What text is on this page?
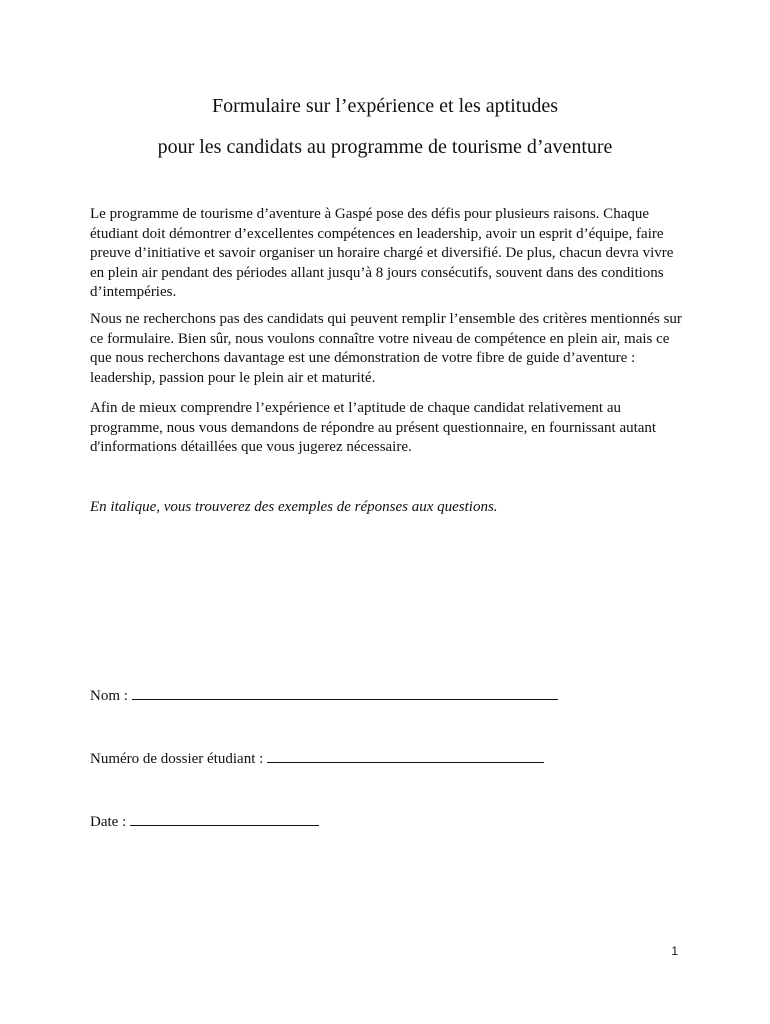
Formulaire sur l’expérience et les aptitudes
pour les candidats au programme de tourisme d’aventure

Le programme de tourisme d’aventure à Gaspé pose des défis pour plusieurs raisons. Chaque étudiant doit démontrer d’excellentes compétences en leadership, avoir un esprit d’équipe, faire preuve d’initiative et savoir organiser un horaire chargé et diversifié. De plus, chacun devra vivre en plein air pendant des périodes allant jusqu’à 8 jours consécutifs, souvent dans des conditions d’intempéries.

Nous ne recherchons pas des candidats qui peuvent remplir l’ensemble des critères mentionnés sur ce formulaire. Bien sûr, nous voulons connaître votre niveau de compétence en plein air, mais ce que nous recherchons davantage est une démonstration de votre fibre de guide d’aventure : leadership, passion pour le plein air et maturité.

Afin de mieux comprendre l’expérience et l’aptitude de chaque candidat relativement au programme, nous vous demandons de répondre au présent questionnaire, en fournissant autant d'informations détaillées que vous jugerez nécessaire.

En italique, vous trouverez des exemples de réponses aux questions.

Nom :
Numéro de dossier étudiant :
Date :
1
